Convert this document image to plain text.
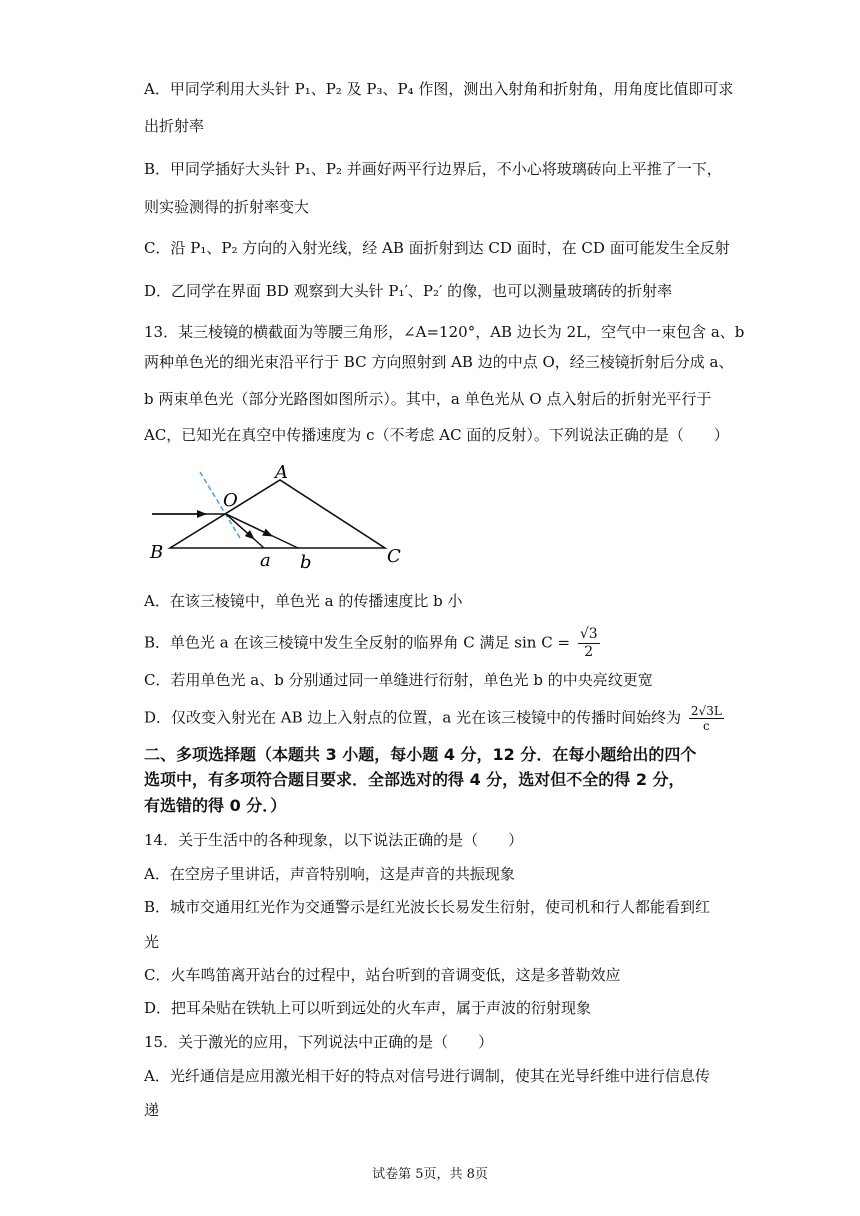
A．甲同学利用大头针 P₁、P₂ 及 P₃、P₄ 作图，测出入射角和折射角，用角度比值即可求
出折射率
B．甲同学插好大头针 P₁、P₂ 并画好两平行边界后，不小心将玻璃砖向上平推了一下，
则实验测得的折射率变大
C．沿 P₁、P₂ 方向的入射光线，经 AB 面折射到达 CD 面时，在 CD 面可能发生全反射
D．乙同学在界面 BD 观察到大头针 P₁′、P₂′ 的像，也可以测量玻璃砖的折射率
13．某三棱镜的横截面为等腰三角形，∠A=120°，AB 边长为 2L，空气中一束包含 a、b
两种单色光的细光束沿平行于 BC 方向照射到 AB 边的中点 O，经三棱镜折射后分成 a、
b 两束单色光（部分光路图如图所示）。其中，a 单色光从 O 点入射后的折射光平行于
AC，已知光在真空中传播速度为 c（不考虑 AC 面的反射）。下列说法正确的是（　　）
A
O
B	C
a b
A．在该三棱镜中，单色光 a 的传播速度比 b 小
B．单色光 a 在该三棱镜中发生全反射的临界角 C 满足 $\sin C = \frac{√3}{2}$
C．若用单色光 a、b 分别通过同一单缝进行衍射，单色光 b 的中央亮纹更宽
D．仅改变入射光在 AB 边上入射点的位置，a 光在该三棱镜中的传播时间始终为 $\frac{2√3L}{c}$
二、多项选择题（本题共 3 小题，每小题 4 分，12 分．在每小题给出的四个
选项中，有多项符合题目要求．全部选对的得 4 分，选对但不全的得 2 分，
有选错的得 0 分．）
14．关于生活中的各种现象，以下说法正确的是（　　）
A．在空房子里讲话，声音特别响，这是声音的共振现象
B．城市交通用红光作为交通警示是红光波长长易发生衍射，使司机和行人都能看到红
光
C．火车鸣笛离开站台的过程中，站台听到的音调变低，这是多普勒效应
D．把耳朵贴在铁轨上可以听到远处的火车声，属于声波的衍射现象
15．关于激光的应用，下列说法中正确的是（　　）
A．光纤通信是应用激光相干好的特点对信号进行调制，使其在光导纤维中进行信息传
递
试卷第 5页，共 8页
